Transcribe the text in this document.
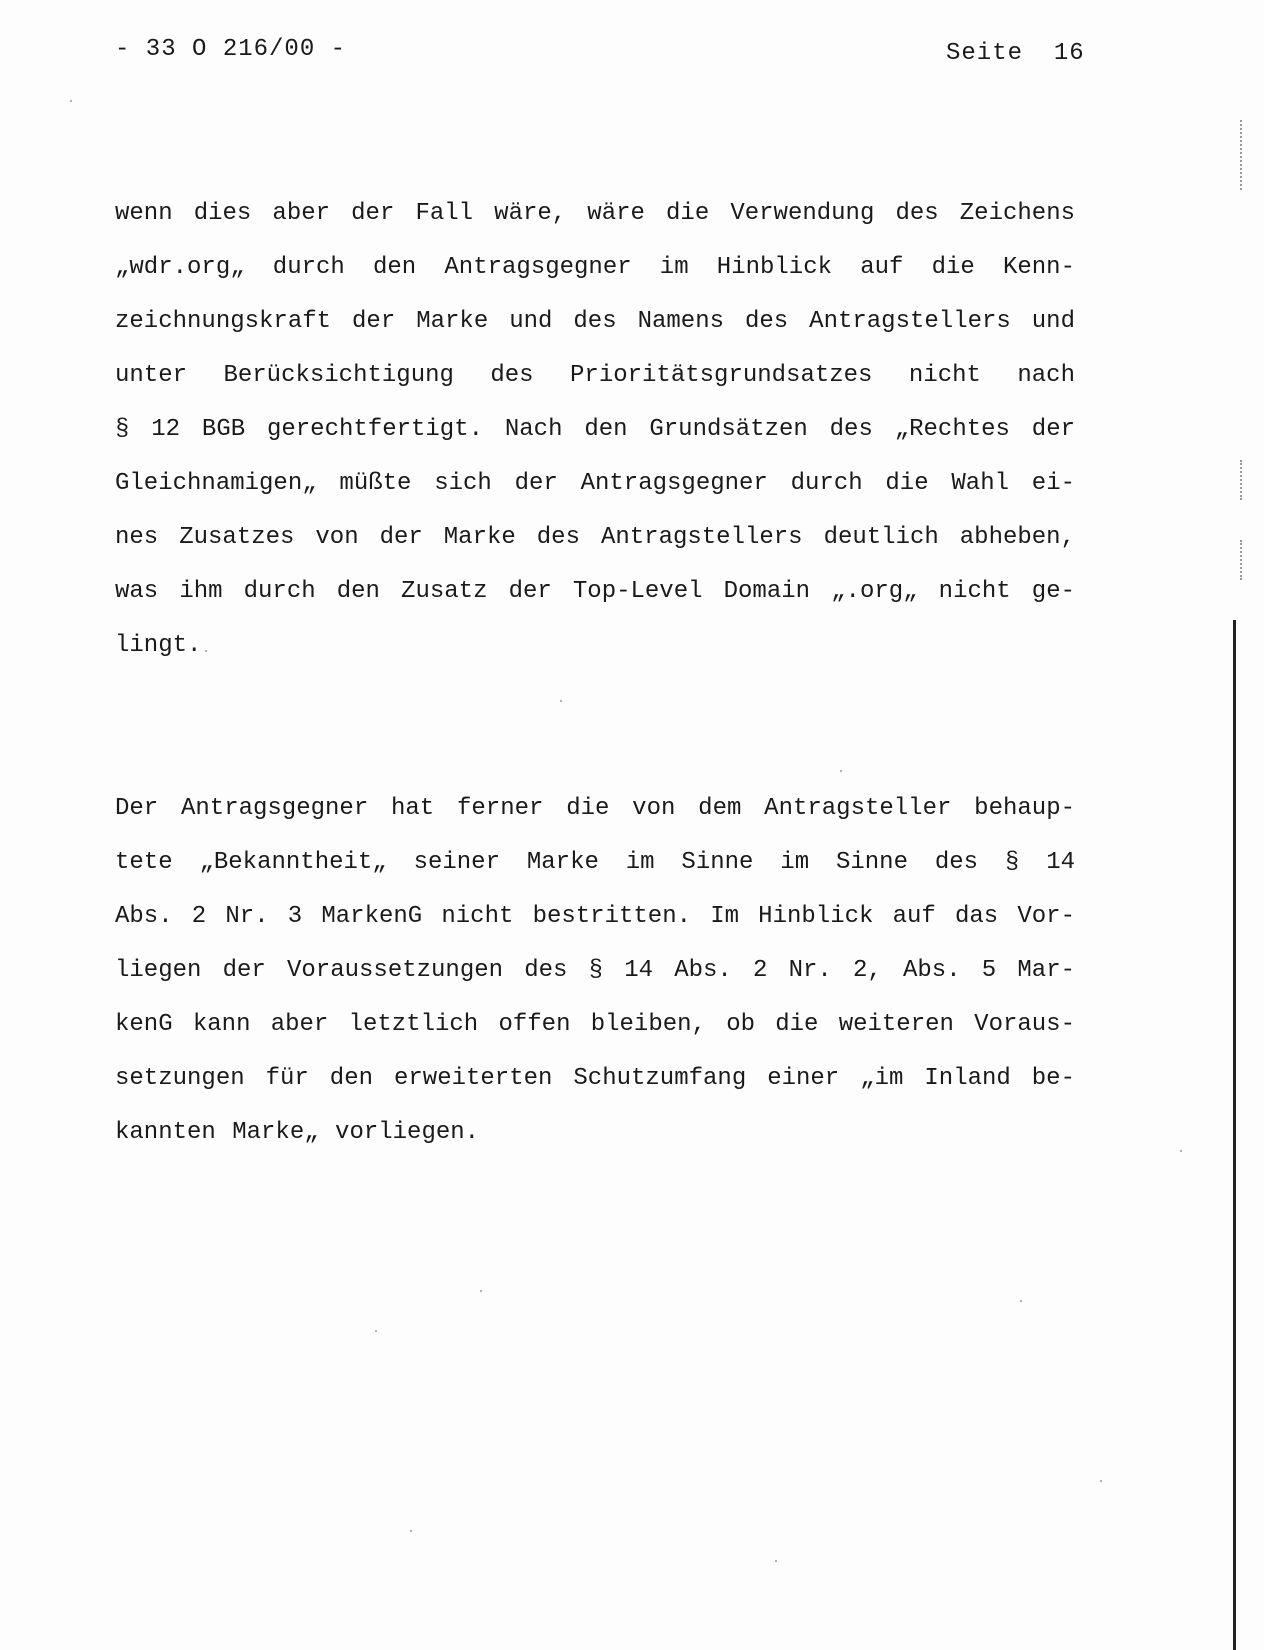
- 33 O 216/00 -	Seite  16
wenn dies aber der Fall wäre, wäre die Verwendung des Zeichens
„wdr.org„ durch den Antragsgegner im Hinblick auf die Kenn-
zeichnungskraft der Marke und des Namens des Antragstellers und
unter Berücksichtigung des Prioritätsgrundsatzes nicht nach
§ 12 BGB gerechtfertigt. Nach den Grundsätzen des „Rechtes der
Gleichnamigen„ müßte sich der Antragsgegner durch die Wahl ei-
nes Zusatzes von der Marke des Antragstellers deutlich abheben,
was ihm durch den Zusatz der Top-Level Domain „.org„ nicht ge-
lingt.
Der Antragsgegner hat ferner die von dem Antragsteller behaup-
tete „Bekanntheit„ seiner Marke im Sinne im Sinne des § 14
Abs. 2 Nr. 3 MarkenG nicht bestritten. Im Hinblick auf das Vor-
liegen der Voraussetzungen des § 14 Abs. 2 Nr. 2, Abs. 5 Mar-
kenG kann aber letztlich offen bleiben, ob die weiteren Voraus-
setzungen für den erweiterten Schutzumfang einer „im Inland be-
kannten Marke„ vorliegen.
